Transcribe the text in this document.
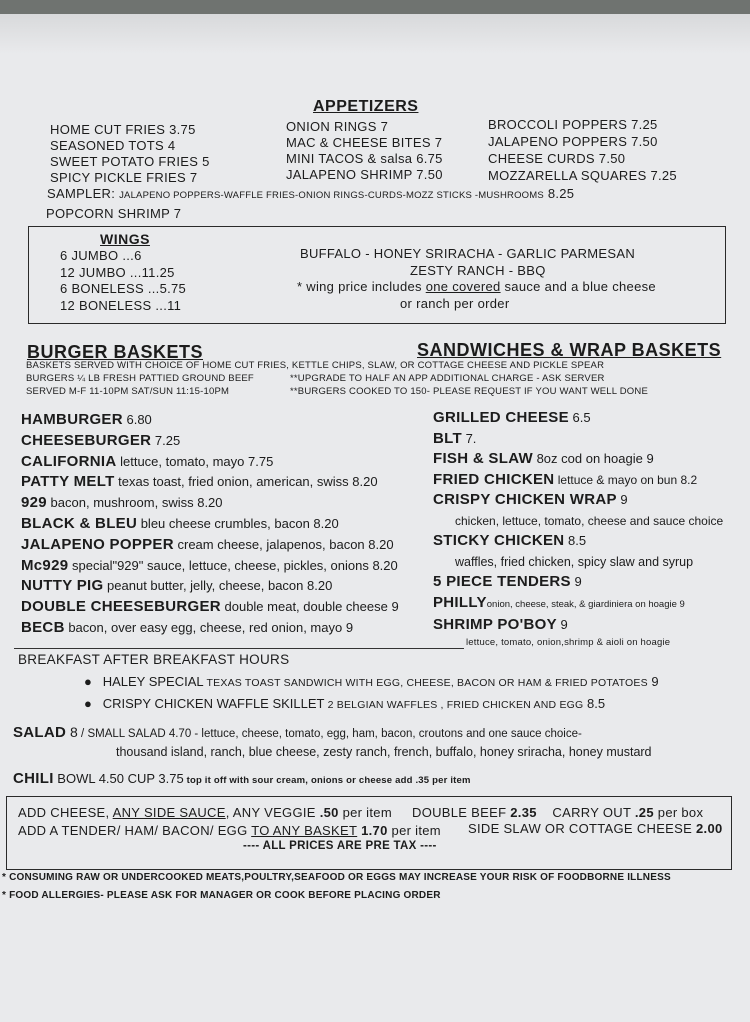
APPETIZERS
HOME CUT FRIES 3.75
SEASONED TOTS 4
SWEET POTATO FRIES 5
SPICY PICKLE FRIES 7
ONION RINGS 7
MAC & CHEESE BITES 7
MINI TACOS & salsa 6.75
JALAPENO SHRIMP 7.50
BROCCOLI POPPERS 7.25
JALAPENO POPPERS 7.50
CHEESE CURDS 7.50
MOZZARELLA SQUARES 7.25
SAMPLER: JALAPENO POPPERS-WAFFLE FRIES-ONION RINGS-CURDS-MOZZ STICKS -MUSHROOMS 8.25
POPCORN SHRIMP 7
WINGS
6 JUMBO ...6
12 JUMBO ...11.25
6 BONELESS ...5.75
12 BONELESS ...11
BUFFALO - HONEY SRIRACHA - GARLIC PARMESAN
ZESTY RANCH - BBQ
* wing price includes one covered sauce and a blue cheese
or ranch per order
BURGER BASKETS	SANDWICHES & WRAP BASKETS
BASKETS SERVED WITH CHOICE OF HOME CUT FRIES, KETTLE CHIPS, SLAW, OR COTTAGE CHEESE AND PICKLE SPEAR
BURGERS ¼ LB FRESH PATTIED GROUND BEEF
SERVED M-F 11-10PM SAT/SUN 11:15-10PM
**UPGRADE TO HALF AN APP ADDITIONAL CHARGE - ASK SERVER
**BURGERS COOKED TO 150- PLEASE REQUEST IF YOU WANT WELL DONE
HAMBURGER 6.80
CHEESEBURGER 7.25
CALIFORNIA lettuce, tomato, mayo 7.75
PATTY MELT texas toast, fried onion, american, swiss 8.20
929 bacon, mushroom, swiss 8.20
BLACK & BLEU bleu cheese crumbles, bacon 8.20
JALAPENO POPPER cream cheese, jalapenos, bacon 8.20
Mc929 special"929" sauce, lettuce, cheese, pickles, onions 8.20
NUTTY PIG peanut butter, jelly, cheese, bacon 8.20
DOUBLE CHEESEBURGER double meat, double cheese 9
BECB bacon, over easy egg, cheese, red onion, mayo 9
GRILLED CHEESE 6.5
BLT 7.
FISH & SLAW 8oz cod on hoagie 9
FRIED CHICKEN lettuce & mayo on bun 8.2
CRISPY CHICKEN WRAP 9
chicken, lettuce, tomato, cheese and sauce choice
STICKY CHICKEN 8.5
waffles, fried chicken, spicy slaw and syrup
5 PIECE TENDERS 9
PHILLYonion, cheese, steak, & giardiniera on hoagie 9
SHRIMP PO'BOY 9
lettuce, tomato, onion,shrimp & aioli on hoagie
BREAKFAST AFTER BREAKFAST HOURS
● HALEY SPECIAL TEXAS TOAST SANDWICH WITH EGG, CHEESE, BACON OR HAM & FRIED POTATOES 9
● CRISPY CHICKEN WAFFLE SKILLET 2 BELGIAN WAFFLES , FRIED CHICKEN AND EGG 8.5
SALAD 8 / SMALL SALAD 4.70 - lettuce, cheese, tomato, egg, ham, bacon, croutons and one sauce choice-
thousand island, ranch, blue cheese, zesty ranch, french, buffalo, honey sriracha, honey mustard
CHILI BOWL 4.50 CUP 3.75 top it off with sour cream, onions or cheese add .35 per item
ADD CHEESE, ANY SIDE SAUCE, ANY VEGGIE .50 per item DOUBLE BEEF 2.35 CARRY OUT .25 per box
ADD A TENDER/ HAM/ BACON/ EGG TO ANY BASKET 1.70 per item SIDE SLAW OR COTTAGE CHEESE 2.00
---- ALL PRICES ARE PRE TAX ----
* CONSUMING RAW OR UNDERCOOKED MEATS,POULTRY,SEAFOOD OR EGGS MAY INCREASE YOUR RISK OF FOODBORNE ILLNESS
* FOOD ALLERGIES- PLEASE ASK FOR MANAGER OR COOK BEFORE PLACING ORDER
